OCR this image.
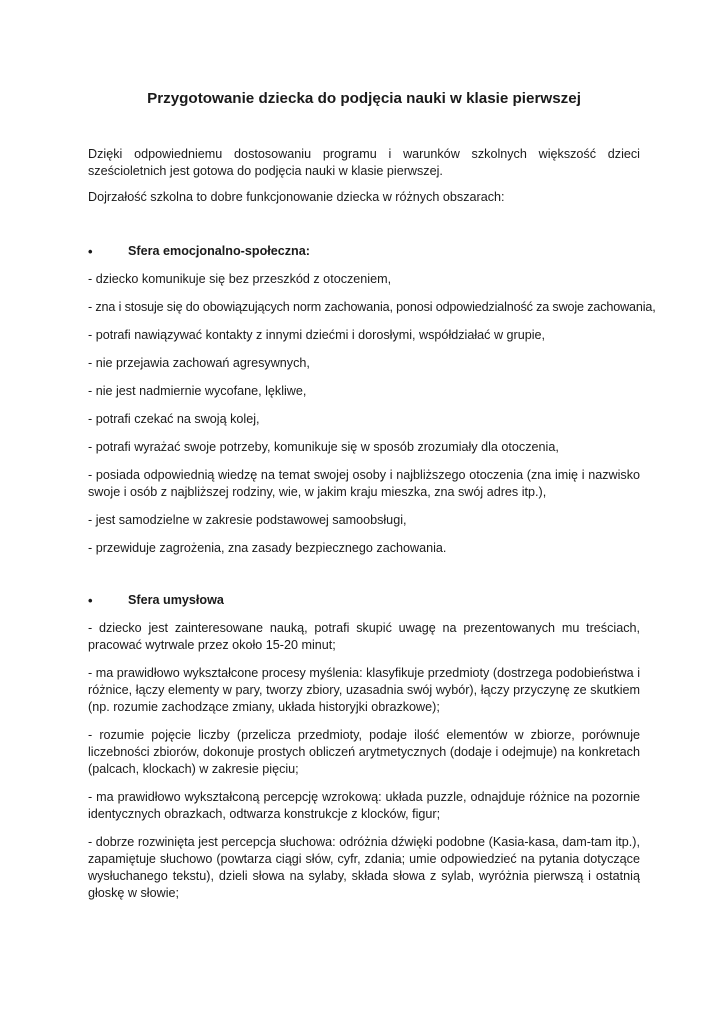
Przygotowanie dziecka do podjęcia nauki w klasie pierwszej

Dzięki odpowiedniemu dostosowaniu programu i warunków szkolnych większość dzieci sześcioletnich jest gotowa do podjęcia nauki w klasie pierwszej.

Dojrzałość szkolna to dobre funkcjonowanie dziecka w różnych obszarach:

•	Sfera emocjonalno-społeczna:

- dziecko komunikuje się bez przeszkód z otoczeniem,

- zna i stosuje się do obowiązujących norm zachowania, ponosi odpowiedzialność za swoje zachowania,

- potrafi nawiązywać kontakty z innymi dziećmi i dorosłymi, współdziałać w grupie,

- nie przejawia zachowań agresywnych,

- nie jest nadmiernie wycofane, lękliwe,

- potrafi czekać na swoją kolej,

- potrafi wyrażać swoje potrzeby, komunikuje się w sposób zrozumiały dla otoczenia,

- posiada odpowiednią wiedzę na temat swojej osoby i najbliższego otoczenia (zna imię i nazwisko swoje i osób z najbliższej rodziny, wie, w jakim kraju mieszka, zna swój adres itp.),

- jest samodzielne w zakresie podstawowej samoobsługi,

- przewiduje zagrożenia, zna zasady bezpiecznego zachowania.

•	Sfera umysłowa

- dziecko jest zainteresowane nauką, potrafi skupić uwagę na prezentowanych mu treściach, pracować wytrwale przez około 15-20 minut;

- ma prawidłowo wykształcone procesy myślenia: klasyfikuje przedmioty (dostrzega podobieństwa i różnice, łączy elementy w pary, tworzy zbiory, uzasadnia swój wybór), łączy przyczynę ze skutkiem (np. rozumie zachodzące zmiany, układa historyjki obrazkowe);

- rozumie pojęcie liczby (przelicza przedmioty, podaje ilość elementów w zbiorze, porównuje liczebności zbiorów, dokonuje prostych obliczeń arytmetycznych (dodaje i odejmuje) na konkretach (palcach, klockach) w zakresie pięciu;

- ma prawidłowo wykształconą percepcję wzrokową: układa puzzle, odnajduje różnice na pozornie identycznych obrazkach, odtwarza konstrukcje z klocków, figur;

- dobrze rozwinięta jest percepcja słuchowa: odróżnia dźwięki podobne (Kasia-kasa, dam-tam itp.), zapamiętuje słuchowo (powtarza ciągi słów, cyfr, zdania; umie odpowiedzieć na pytania dotyczące wysłuchanego tekstu), dzieli słowa na sylaby, składa słowa z sylab, wyróżnia pierwszą i ostatnią głoskę w słowie;
